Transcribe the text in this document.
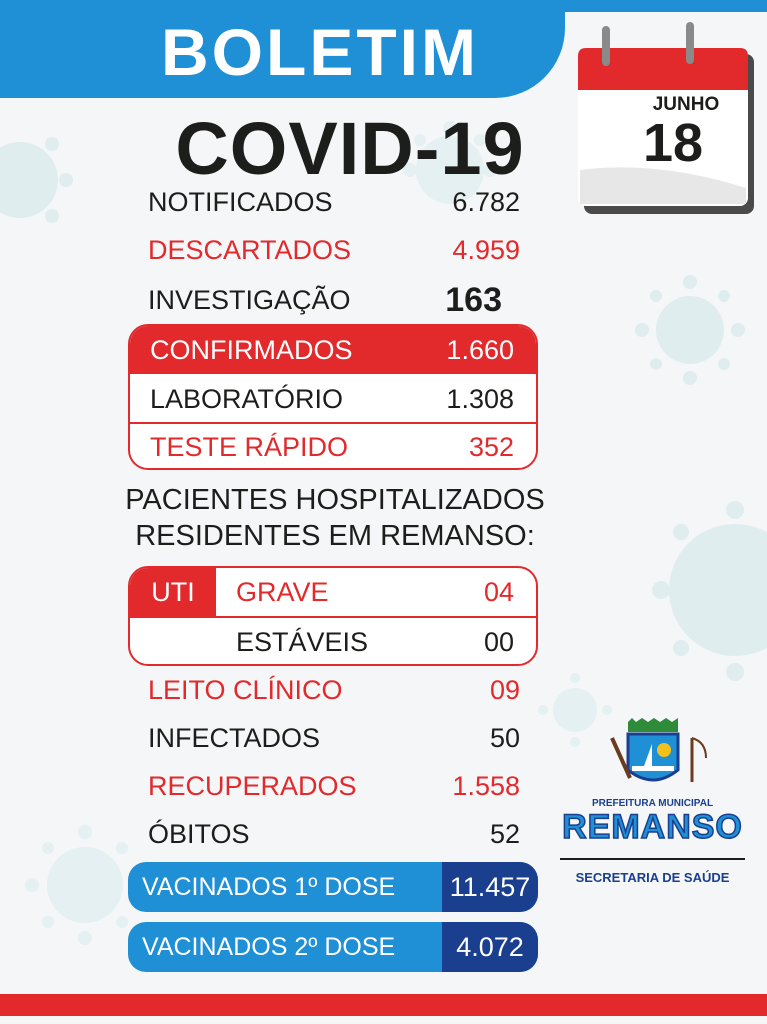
BOLETIM
COVID-19
2021	JUNHO
18
NOTIFICADOS	6.782
DESCARTADOS	4.959
INVESTIGAÇÃO	163
CONFIRMADOS	1.660
LABORATÓRIO	1.308
TESTE RÁPIDO	352
PACIENTES HOSPITALIZADOS
RESIDENTES EM REMANSO:
UTI	GRAVE	04
ESTÁVEIS	00
LEITO CLÍNICO	09
INFECTADOS	50
RECUPERADOS	1.558
ÓBITOS	52
VACINADOS 1º DOSE	11.457
VACINADOS 2º DOSE	4.072
PREFEITURA MUNICIPAL
REMANSO
SECRETARIA DE SAÚDE
